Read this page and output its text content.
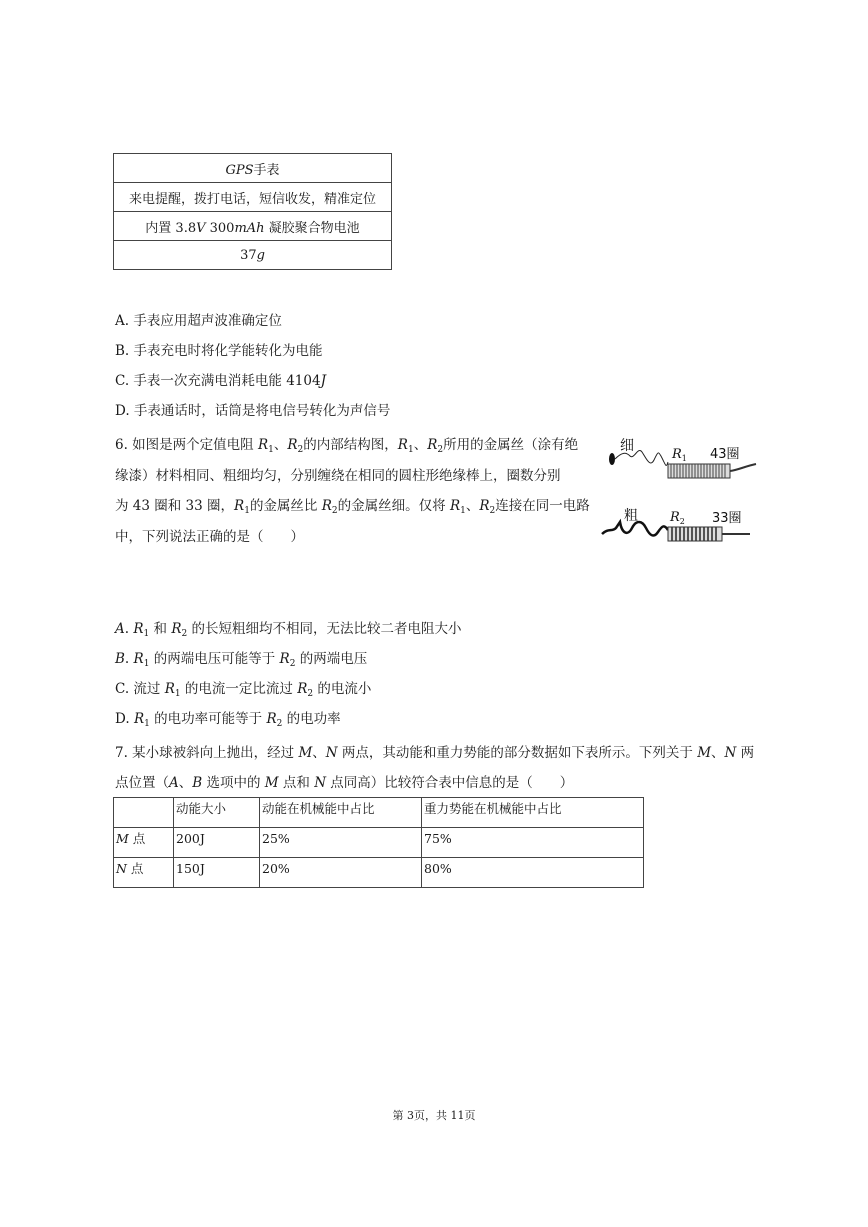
GPS手表
来电提醒，拨打电话，短信收发，精准定位
内置 3.8V 300mAh 凝胶聚合物电池
37g
A. 手表应用超声波准确定位
B. 手表充电时将化学能转化为电能
C. 手表一次充满电消耗电能 4104J
D. 手表通话时，话筒是将电信号转化为声信号
6. 如图是两个定值电阻 $R_1$、$R_2$的内部结构图，$R_1$、$R_2$所用的金属丝（涂有绝
缘漆）材料相同、粗细均匀，分别缠绕在相同的圆柱形绝缘棒上，圈数分别
为 43 圈和 33 圈，$R_1$的金属丝比 $R_2$的金属丝细。仅将 $R_1$、$R_2$连接在同一电路
中，下列说法正确的是（　　）
细
$R_1$ 43圈
粗 $R_2$ 33圈
A. $R_1$ 和 $R_2$ 的长短粗细均不相同，无法比较二者电阻大小
B. $R_1$ 的两端电压可能等于 $R_2$ 的两端电压
C. 流过 $R_1$ 的电流一定比流过 $R_2$ 的电流小
D. $R_1$ 的电功率可能等于 $R_2$ 的电功率
7. 某小球被斜向上抛出，经过 M、N 两点，其动能和重力势能的部分数据如下表所示。下列关于 M、N 两
点位置（A、B 选项中的 M 点和 N 点同高）比较符合表中信息的是（　　）
	动能大小	动能在机械能中占比	重力势能在机械能中占比
M 点	200J	25%	75%
N 点	150J	20%	80%
第 3页，共 11页
